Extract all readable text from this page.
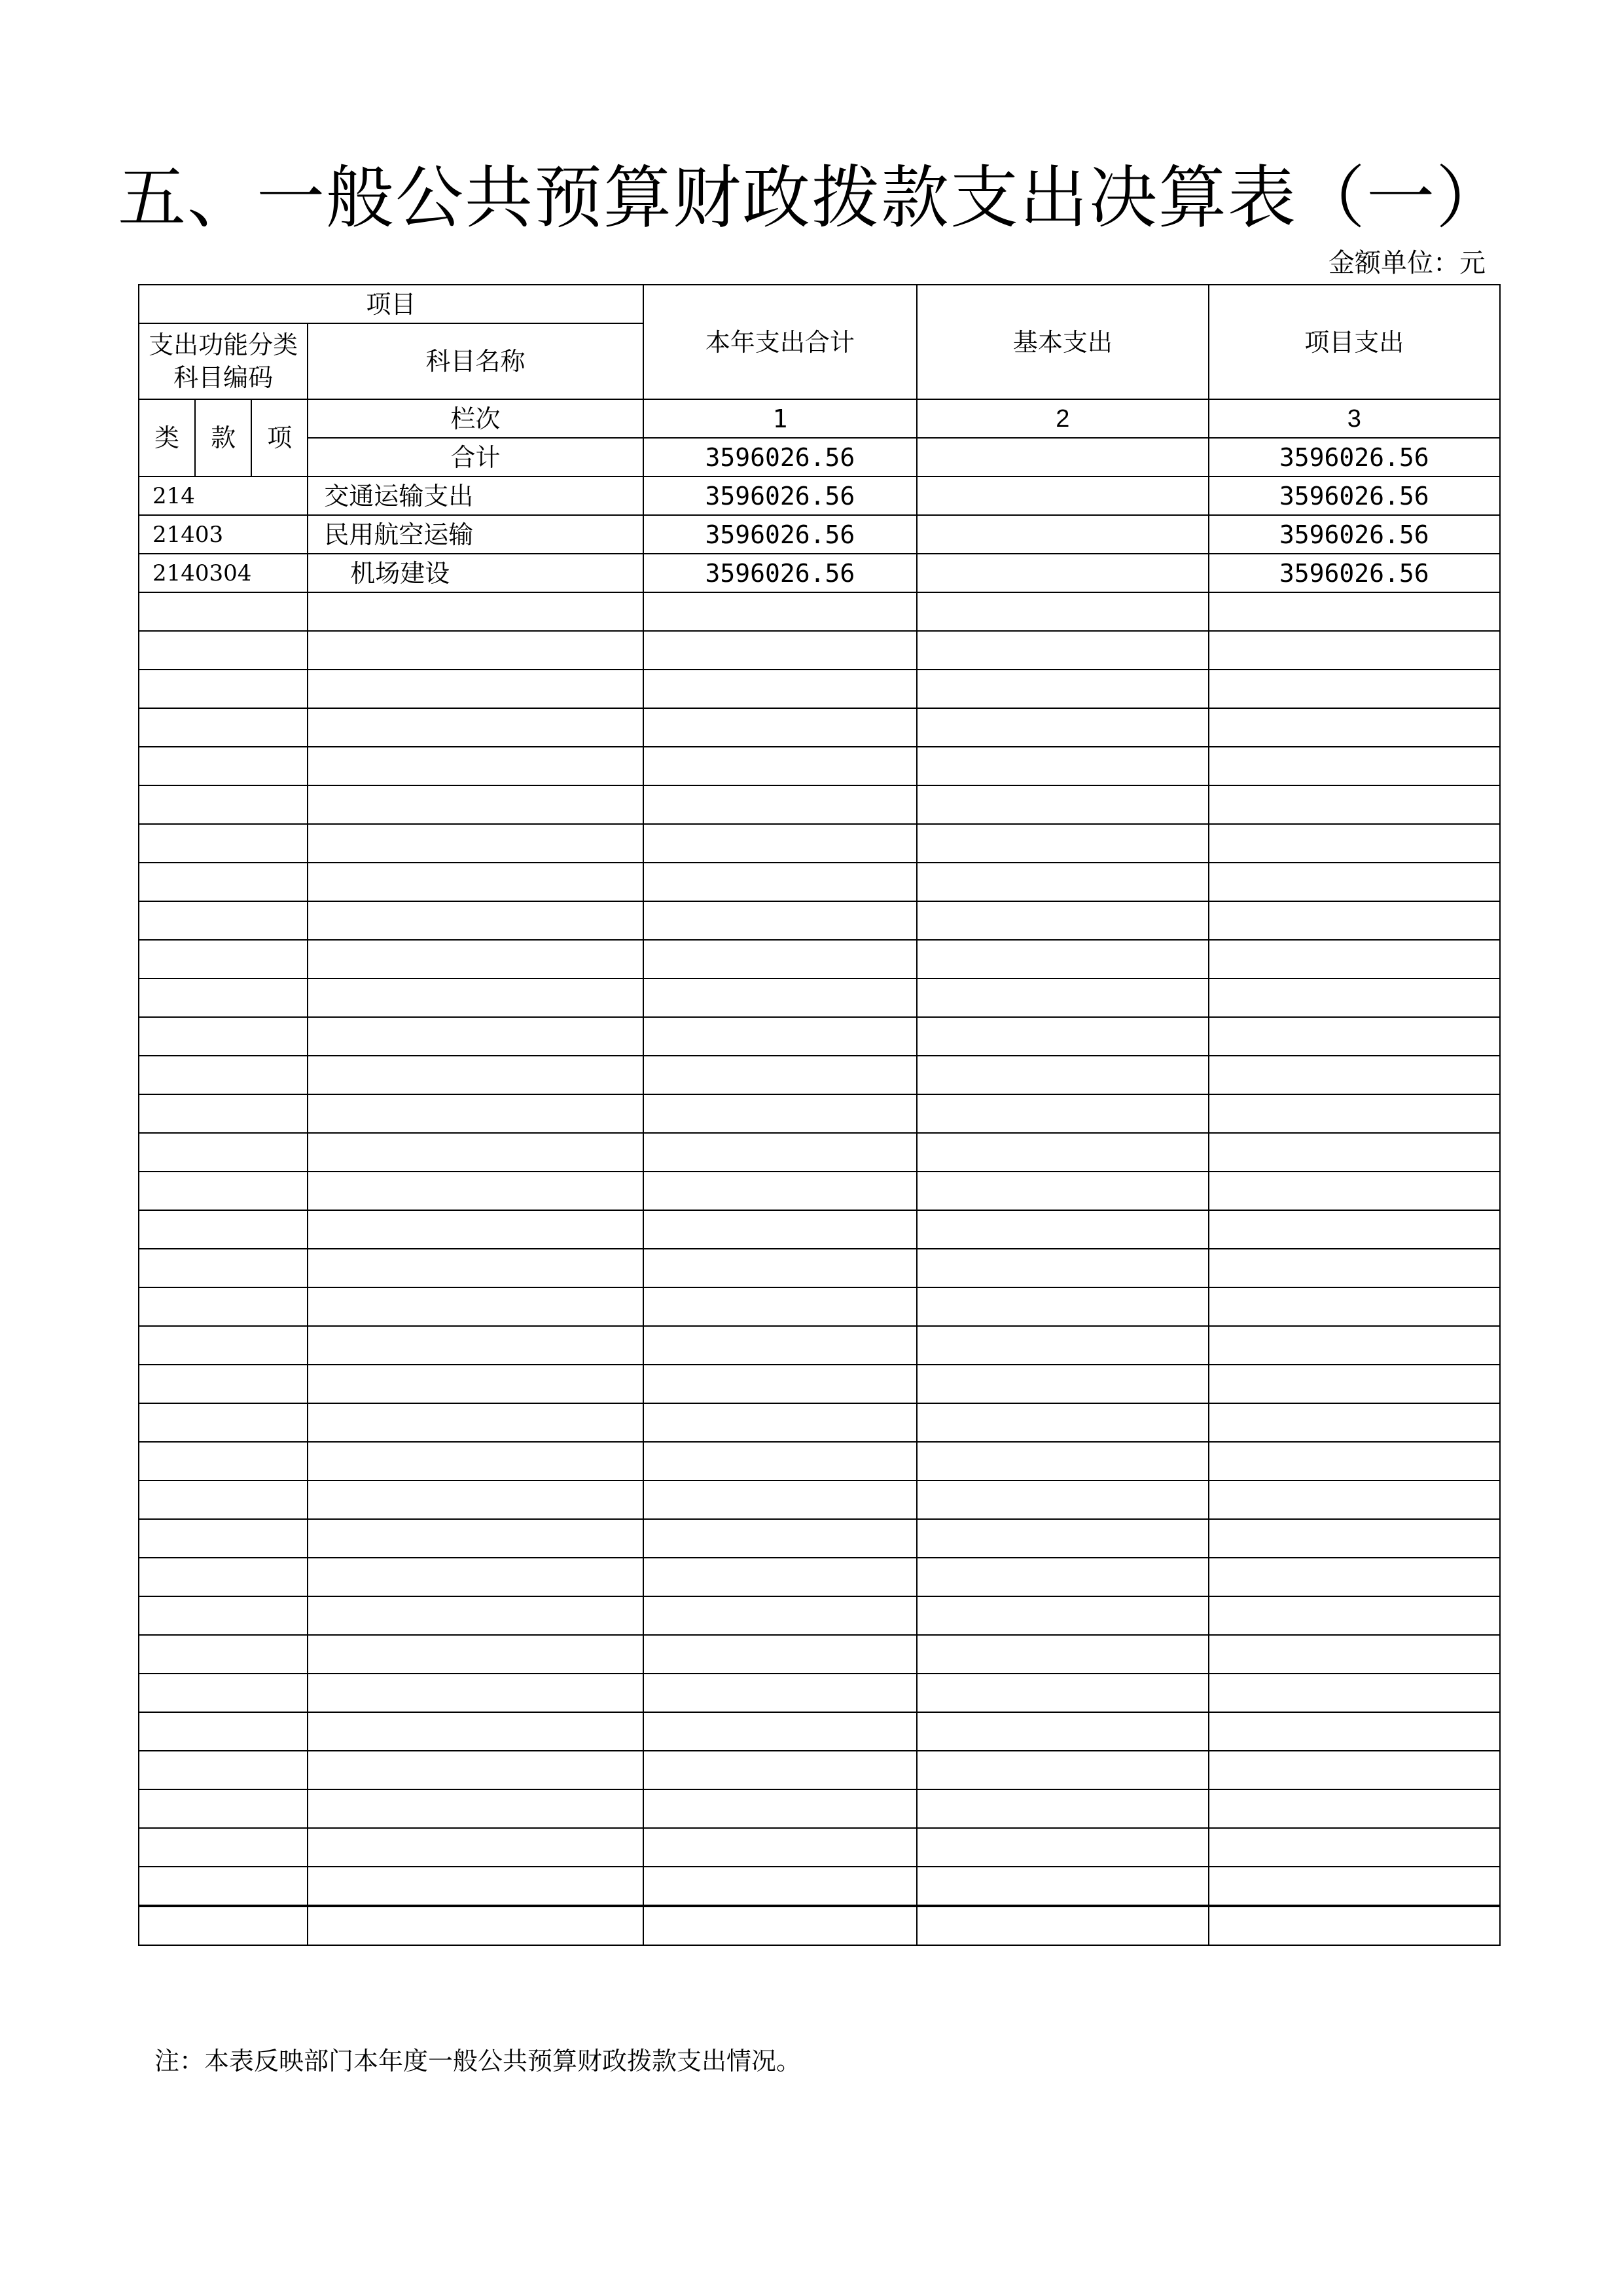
五、一般公共预算财政拨款支出决算表（一）
金额单位：元
项目				本年支出合计	基本支出	项目支出
支出功能分类科目编码			科目名称			
类	款	项	栏次	1	2	3
			合计	3596026.56		3596026.56
214			交通运输支出	3596026.56		3596026.56
21403			民用航空运输	3596026.56		3596026.56
2140304			机场建设	3596026.56		3596026.56

注：本表反映部门本年度一般公共预算财政拨款支出情况。
